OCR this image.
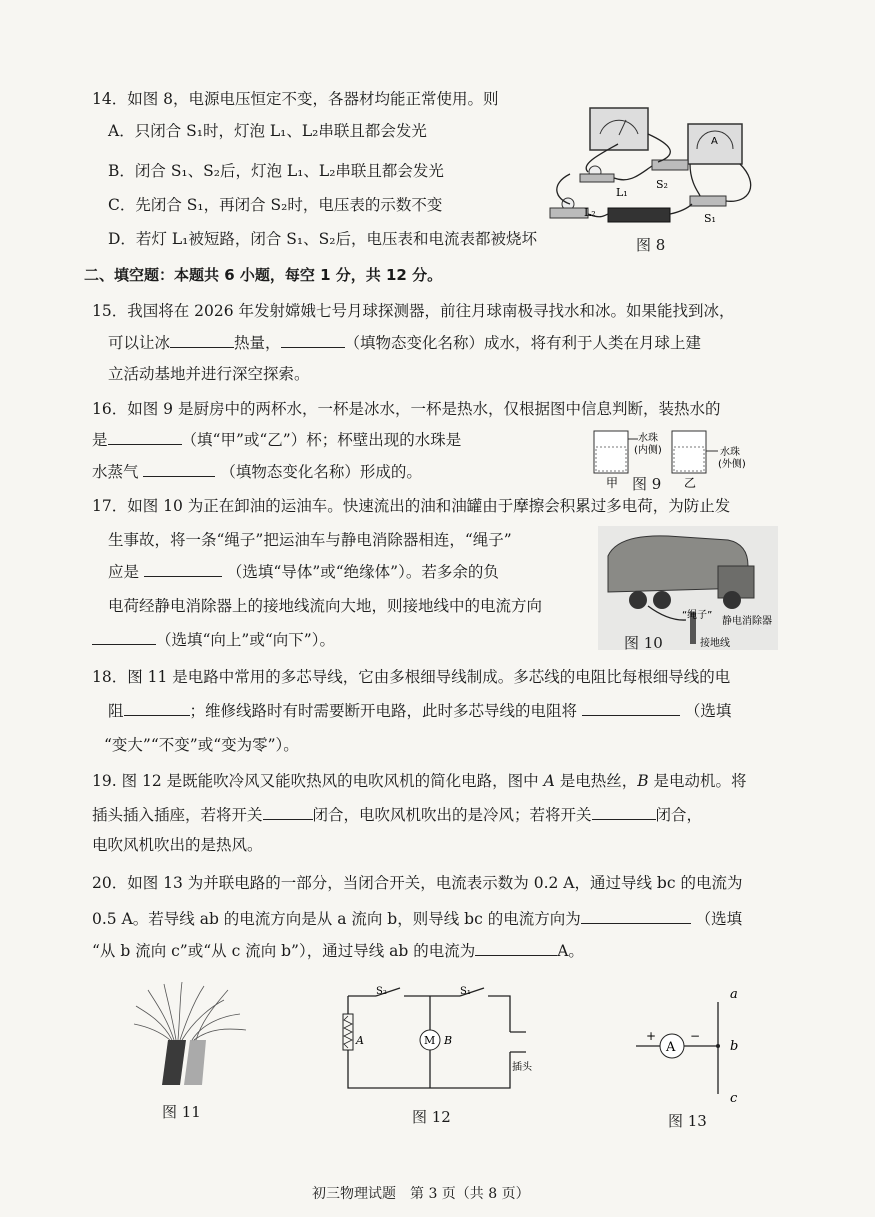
14．如图 8，电源电压恒定不变，各器材均能正常使用。则
A．只闭合 S₁时，灯泡 L₁、L₂串联且都会发光
B．闭合 S₁、S₂后，灯泡 L₁、L₂串联且都会发光
C．先闭合 S₁，再闭合 S₂时，电压表的示数不变
D．若灯 L₁被短路，闭合 S₁、S₂后，电压表和电流表都被烧坏
A
L₁
L₂
S₂
S₁
图 8
二、填空题：本题共 6 小题，每空 1 分，共 12 分。
15．我国将在 2026 年发射嫦娥七号月球探测器，前往月球南极寻找水和冰。如果能找到冰，
可以让冰	热量，	（填物态变化名称）成水，将有利于人类在月球上建
立活动基地并进行深空探索。
16．如图 9 是厨房中的两杯水，一杯是冰水，一杯是热水，仅根据图中信息判断，装热水的
是	（填“甲”或“乙”）杯；杯壁出现的水珠是
水蒸气	（填物态变化名称）形成的。
水珠
(内侧)	水珠
(外侧)
甲	乙
图 9
17．如图 10 为正在卸油的运油车。快速流出的油和油罐由于摩擦会积累过多电荷，为防止发
生事故，将一条“绳子”把运油车与静电消除器相连，“绳子”
应是	（选填“导体”或“绝缘体”）。若多余的负
电荷经静电消除器上的接地线流向大地，则接地线中的电流方向
（选填“向上”或“向下”）。
“绳子”
静电消除器
接地线
图 10
18．图 11 是电路中常用的多芯导线，它由多根细导线制成。多芯线的电阻比每根细导线的电
阻	；维修线路时有时需要断开电路，此时多芯导线的电阻将	（选填
“变大”“不变”或“变为零”）。
19. 图 12 是既能吹冷风又能吹热风的电吹风机的简化电路，图中 A 是电热丝，B 是电动机。将
插头插入插座，若将开关	闭合，电吹风机吹出的是冷风；若将开关	闭合，
电吹风机吹出的是热风。
20．如图 13 为并联电路的一部分，当闭合开关，电流表示数为 0.2 A，通过导线 bc 的电流为
0.5 A。若导线 ab 的电流方向是从 a 流向 b，则导线 bc 的电流方向为	（选填
“从 b 流向 c”或“从 c 流向 b”），通过导线 ab 的电流为	A。
图 11
M
S₂	S₁
A	B
插头
图 12
A
+	−
a
b
c
图 13
初三物理试题　第 3 页（共 8 页）
